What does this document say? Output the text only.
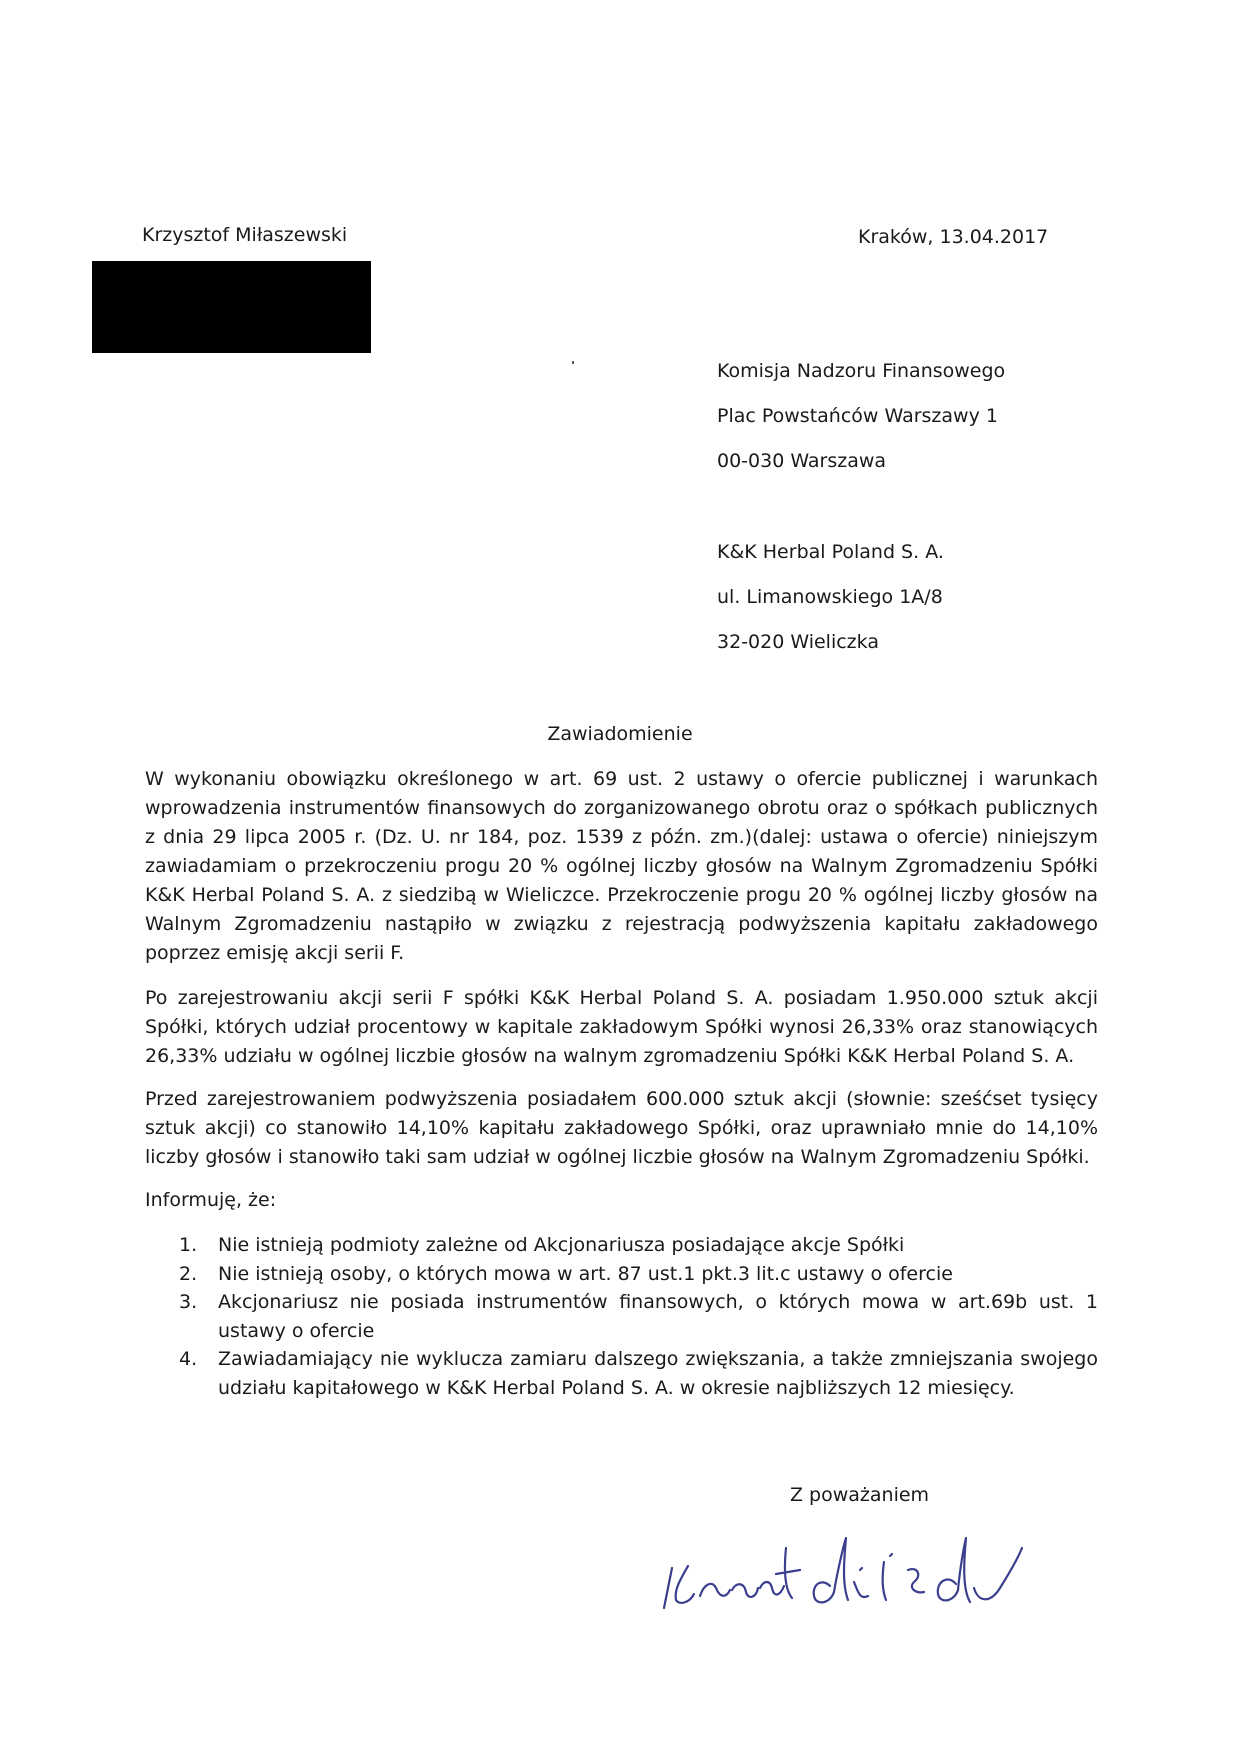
Krzysztof Miłaszewski	Kraków, 13.04.2017
Komisja Nadzoru Finansowego
Plac Powstańców Warszawy 1
00-030 Warszawa
K&K Herbal Poland S. A.
ul. Limanowskiego 1A/8
32-020 Wieliczka
Zawiadomienie
W wykonaniu obowiązku określonego w art. 69 ust. 2 ustawy o ofercie publicznej i warunkach wprowadzenia instrumentów finansowych do zorganizowanego obrotu oraz o spółkach publicznych z dnia 29 lipca 2005 r. (Dz. U. nr 184, poz. 1539 z późn. zm.)(dalej: ustawa o ofercie) niniejszym zawiadamiam o przekroczeniu progu 20 % ogólnej liczby głosów na Walnym Zgromadzeniu Spółki K&K Herbal Poland S. A. z siedzibą w Wieliczce. Przekroczenie progu 20 % ogólnej liczby głosów na Walnym Zgromadzeniu nastąpiło w związku z rejestracją podwyższenia kapitału zakładowego poprzez emisję akcji serii F.
Po zarejestrowaniu akcji serii F spółki K&K Herbal Poland S. A. posiadam 1.950.000 sztuk akcji Spółki, których udział procentowy w kapitale zakładowym Spółki wynosi 26,33% oraz stanowiących 26,33% udziału w ogólnej liczbie głosów na walnym zgromadzeniu Spółki K&K Herbal Poland S. A.
Przed zarejestrowaniem podwyższenia posiadałem 600.000 sztuk akcji (słownie: sześćset tysięcy sztuk akcji) co stanowiło 14,10% kapitału zakładowego Spółki, oraz uprawniało mnie do 14,10% liczby głosów i stanowiło taki sam udział w ogólnej liczbie głosów na Walnym Zgromadzeniu Spółki.
Informuję, że:
1. Nie istnieją podmioty zależne od Akcjonariusza posiadające akcje Spółki
2. Nie istnieją osoby, o których mowa w art. 87 ust.1 pkt.3 lit.c ustawy o ofercie
3. Akcjonariusz nie posiada instrumentów finansowych, o których mowa w art.69b ust. 1 ustawy o ofercie
4. Zawiadamiający nie wyklucza zamiaru dalszego zwiększania, a także zmniejszania swojego udziału kapitałowego w K&K Herbal Poland S. A. w okresie najbliższych 12 miesięcy.
Z poważaniem
